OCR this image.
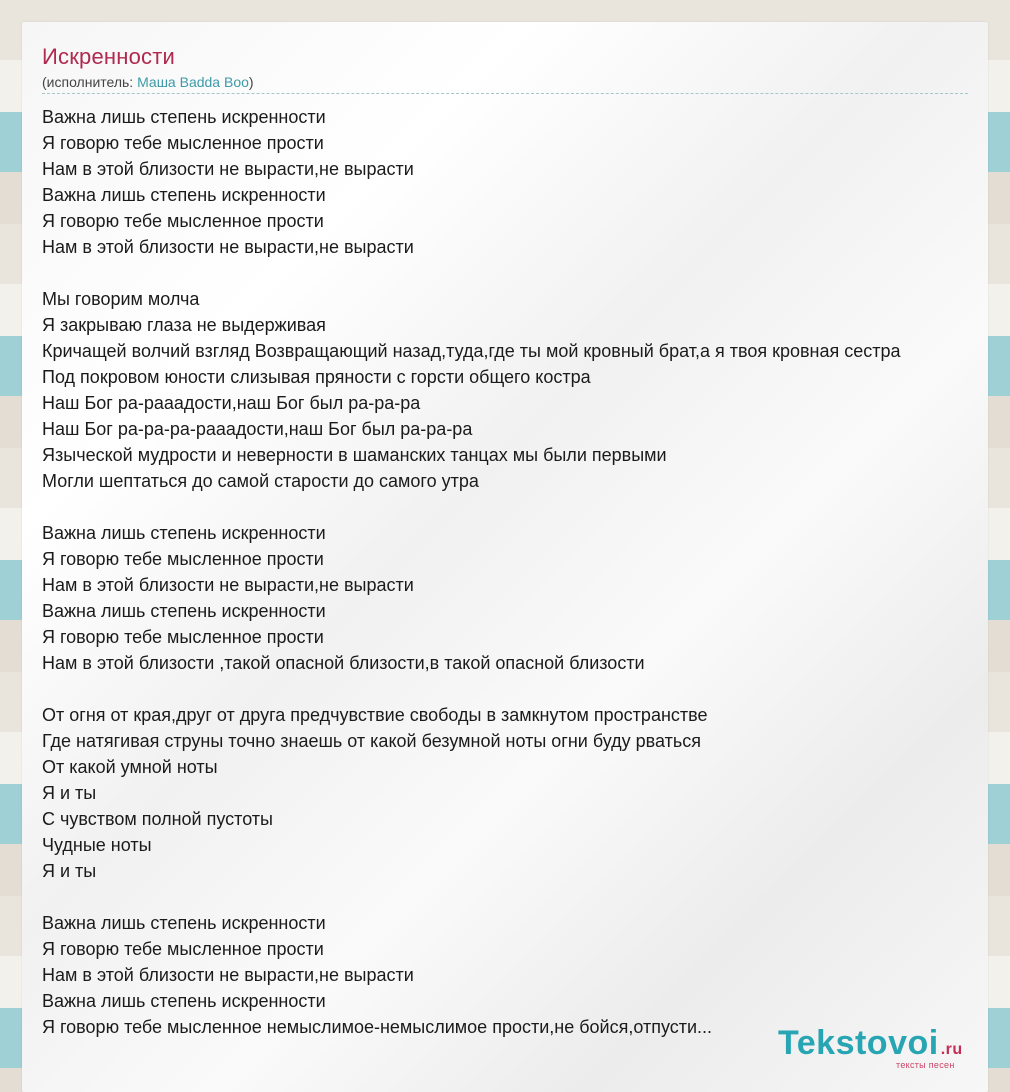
Искренности
(исполнитель: Маша Badda Boo)
Важна лишь степень искренности
Я говорю тебе мысленное прости
Нам в этой близости не вырасти,не вырасти
Важна лишь степень искренности
Я говорю тебе мысленное прости
Нам в этой близости не вырасти,не вырасти
Мы говорим молча
Я закрываю глаза не выдерживая
Кричащей волчий взгляд Возвращающий назад,туда,где ты мой кровный брат,а я твоя кровная сестра
Под покровом юности слизывая пряности с горсти общего костра
Наш Бог ра-рааадости,наш Бог был ра-ра-ра
Наш Бог ра-ра-ра-рааадости,наш Бог был ра-ра-ра
Языческой мудрости и неверности в шаманских танцах мы были первыми
Могли шептаться до самой старости до самого утра
Важна лишь степень искренности
Я говорю тебе мысленное прости
Нам в этой близости не вырасти,не вырасти
Важна лишь степень искренности
Я говорю тебе мысленное прости
Нам в этой близости ,такой опасной близости,в такой опасной близости
От огня от края,друг от друга предчувствие свободы в замкнутом пространстве
Где натягивая струны точно знаешь от какой безумной ноты огни буду рваться
От какой умной ноты
Я и ты
С чувством полной пустоты
Чудные ноты
Я и ты
Важна лишь степень искренности
Я говорю тебе мысленное прости
Нам в этой близости не вырасти,не вырасти
Важна лишь степень искренности
Я говорю тебе мысленное немыслимое-немыслимое прости,не бойся,отпусти...	Tekstovoi .ru
тексты песен
